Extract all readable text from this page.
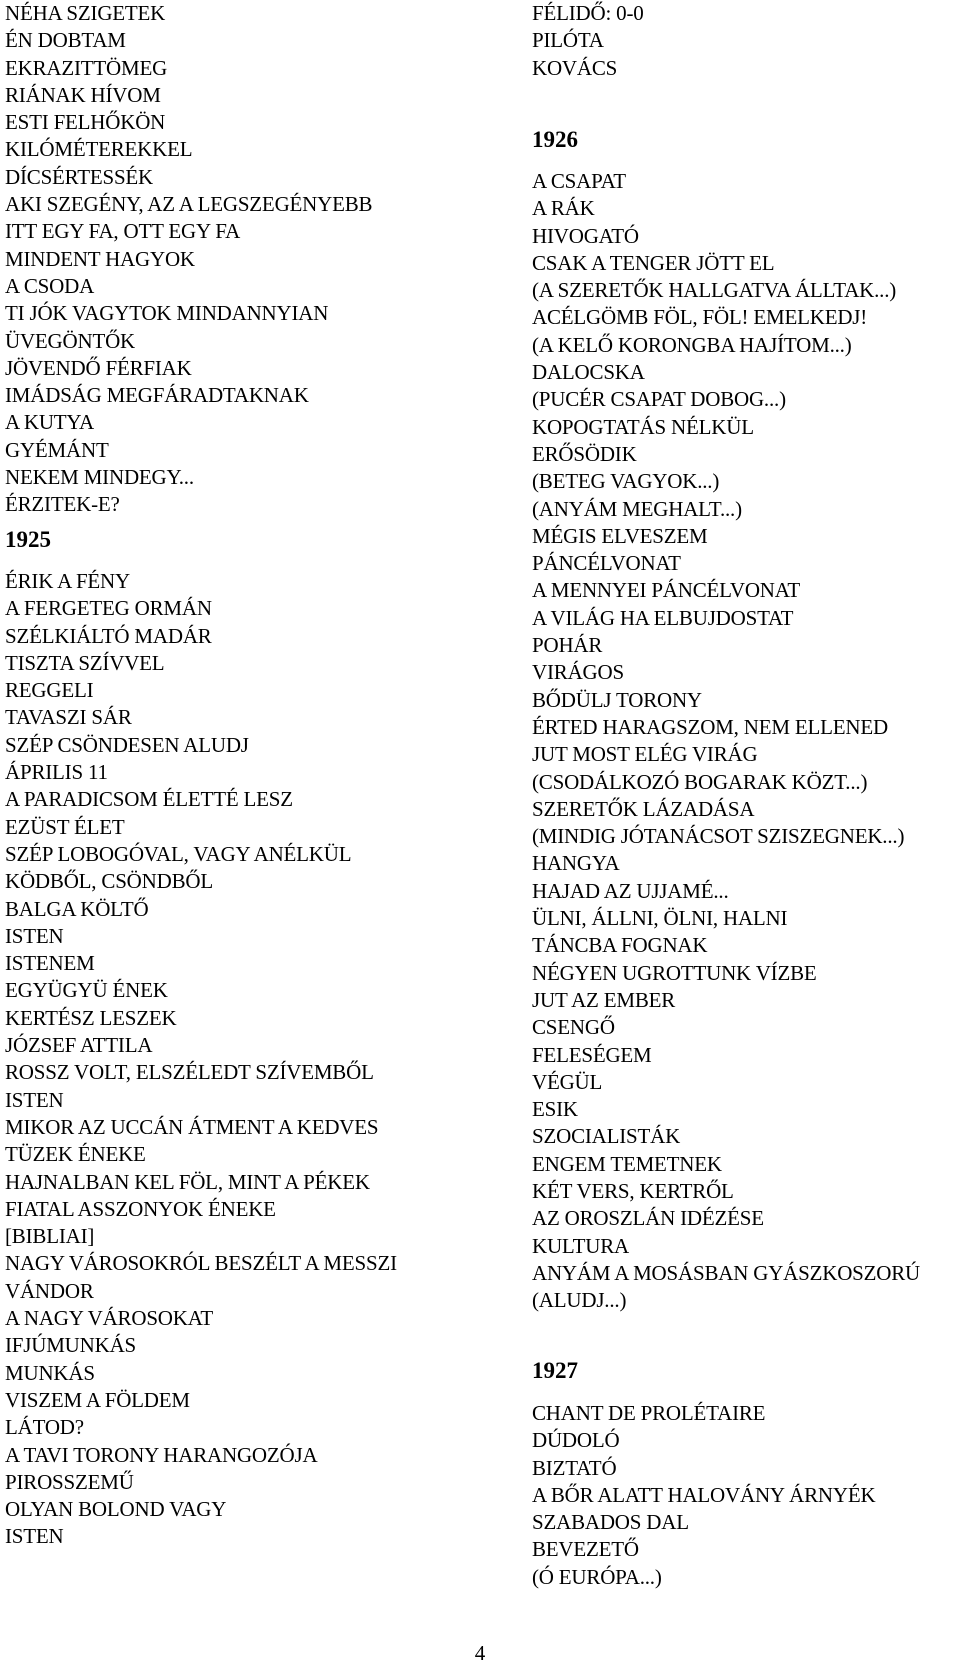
NÉHA SZIGETEK
ÉN DOBTAM
EKRAZITTÖMEG
RIÁNAK HÍVOM
ESTI FELHŐKÖN
KILÓMÉTEREKKEL
DÍCSÉRTESSÉK
AKI SZEGÉNY, AZ A LEGSZEGÉNYEBB
ITT EGY FA, OTT EGY FA
MINDENT HAGYOK
A CSODA
TI JÓK VAGYTOK MINDANNYIAN
ÜVEGÖNTŐK
JÖVENDŐ FÉRFIAK
IMÁDSÁG MEGFÁRADTAKNAK
A KUTYA
GYÉMÁNT
NEKEM MINDEGY...
ÉRZITEK-E?
1925
ÉRIK A FÉNY
A FERGETEG ORMÁN
SZÉLKIÁLTÓ MADÁR
TISZTA SZÍVVEL
REGGELI
TAVASZI SÁR
SZÉP CSÖNDESEN ALUDJ
ÁPRILIS 11
A PARADICSOM ÉLETTÉ LESZ
EZÜST ÉLET
SZÉP LOBOGÓVAL, VAGY ANÉLKÜL
KÖDBŐL, CSÖNDBŐL
BALGA KÖLTŐ
ISTEN
ISTENEM
EGYÜGYÜ ÉNEK
KERTÉSZ LESZEK
JÓZSEF ATTILA
ROSSZ VOLT, ELSZÉLEDT SZÍVEMBŐL
ISTEN
MIKOR AZ UCCÁN ÁTMENT A KEDVES
TÜZEK ÉNEKE
HAJNALBAN KEL FÖL, MINT A PÉKEK
FIATAL ASSZONYOK ÉNEKE
[BIBLIAI]
NAGY VÁROSOKRÓL BESZÉLT A MESSZI
VÁNDOR
A NAGY VÁROSOKAT
IFJÚMUNKÁS
MUNKÁS
VISZEM A FÖLDEM
LÁTOD?
A TAVI TORONY HARANGOZÓJA
PIROSSZEMŰ
OLYAN BOLOND VAGY
ISTEN
FÉLIDŐ: 0-0
PILÓTA
KOVÁCS
1926
A CSAPAT
A RÁK
HIVOGATÓ
CSAK A TENGER JÖTT EL
(A SZERETŐK HALLGATVA ÁLLTAK...)
ACÉLGÖMB FÖL, FÖL! EMELKEDJ!
(A KELŐ KORONGBA HAJÍTOM...)
DALOCSKA
(PUCÉR CSAPAT DOBOG...)
KOPOGTATÁS NÉLKÜL
ERŐSÖDIK
(BETEG VAGYOK...)
(ANYÁM MEGHALT...)
MÉGIS ELVESZEM
PÁNCÉLVONAT
A MENNYEI PÁNCÉLVONAT
A VILÁG HA ELBUJDOSTAT
POHÁR
VIRÁGOS
BŐDÜLJ TORONY
ÉRTED HARAGSZOM, NEM ELLENED
JUT MOST ELÉG VIRÁG
(CSODÁLKOZÓ BOGARAK KÖZT...)
SZERETŐK LÁZADÁSA
(MINDIG JÓTANÁCSOT SZISZEGNEK...)
HANGYA
HAJAD AZ UJJAMÉ...
ÜLNI, ÁLLNI, ÖLNI, HALNI
TÁNCBA FOGNAK
NÉGYEN UGROTTUNK VÍZBE
JUT AZ EMBER
CSENGŐ
FELESÉGEM
VÉGÜL
ESIK
SZOCIALISTÁK
ENGEM TEMETNEK
KÉT VERS, KERTRŐL
AZ OROSZLÁN IDÉZÉSE
KULTURA
ANYÁM A MOSÁSBAN GYÁSZKOSZORÚ
(ALUDJ...)
1927
CHANT DE PROLÉTAIRE
DÚDOLÓ
BIZTATÓ
A BŐR ALATT HALOVÁNY ÁRNYÉK
SZABADOS DAL
BEVEZETŐ
(Ó EURÓPA...)
4
